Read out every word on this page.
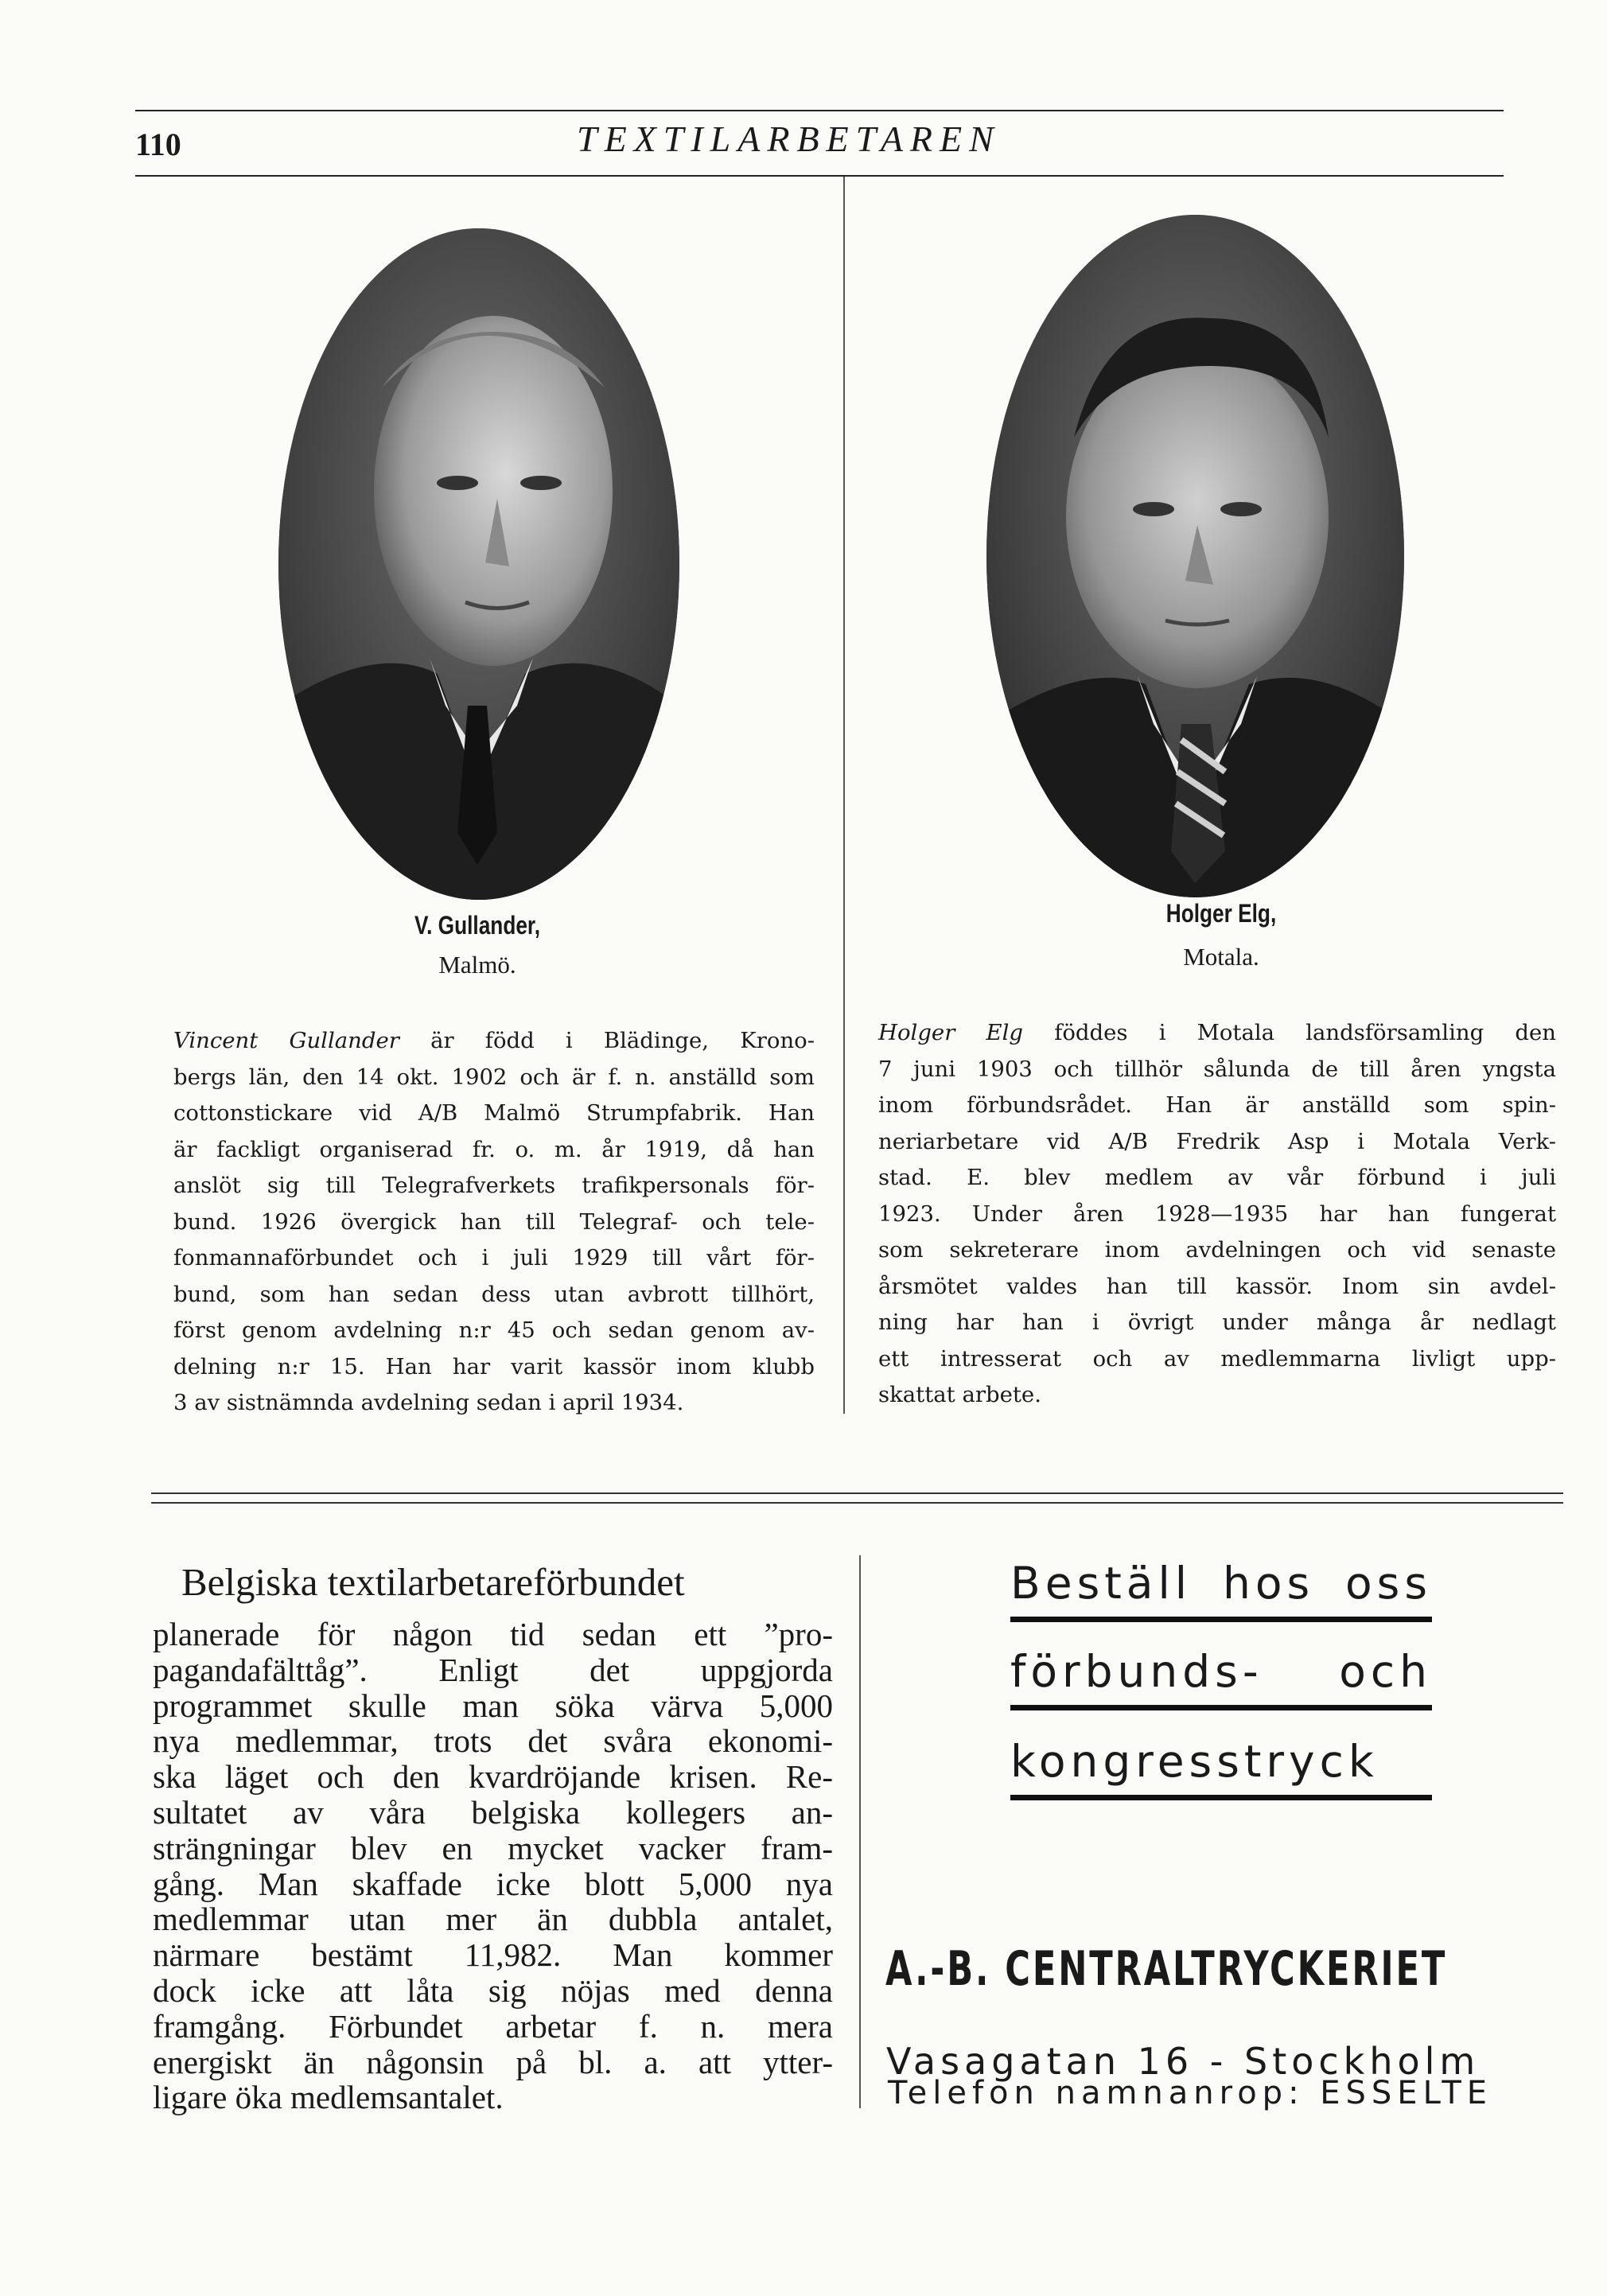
110	TEXTILARBETAREN
V. Gullander,
Malmö.
Vincent Gullander är född i Blädinge, Krono-
bergs län, den 14 okt. 1902 och är f. n. anställd som
cottonstickare vid A/B Malmö Strumpfabrik. Han
är fackligt organiserad fr. o. m. år 1919, då han
anslöt sig till Telegrafverkets trafikpersonals för-
bund. 1926 övergick han till Telegraf- och tele-
fonmannaförbundet och i juli 1929 till vårt för-
bund, som han sedan dess utan avbrott tillhört,
först genom avdelning n:r 45 och sedan genom av-
delning n:r 15. Han har varit kassör inom klubb
3 av sistnämnda avdelning sedan i april 1934.
Holger Elg,
Motala.
Holger Elg föddes i Motala landsförsamling den
7 juni 1903 och tillhör sålunda de till åren yngsta
inom förbundsrådet. Han är anställd som spin-
neriarbetare vid A/B Fredrik Asp i Motala Verk-
stad. E. blev medlem av vår förbund i juli
1923. Under åren 1928—1935 har han fungerat
som sekreterare inom avdelningen och vid senaste
årsmötet valdes han till kassör. Inom sin avdel-
ning har han i övrigt under många år nedlagt
ett intresserat och av medlemmarna livligt upp-
skattat arbete.
Belgiska textilarbetareförbundet
planerade för någon tid sedan ett ”pro-
pagandafälttåg”. Enligt det uppgjorda
programmet skulle man söka värva 5,000
nya medlemmar, trots det svåra ekonomi-
ska läget och den kvardröjande krisen. Re-
sultatet av våra belgiska kollegers an-
strängningar blev en mycket vacker fram-
gång. Man skaffade icke blott 5,000 nya
medlemmar utan mer än dubbla antalet,
närmare bestämt 11,982. Man kommer
dock icke att låta sig nöjas med denna
framgång. Förbundet arbetar f. n. mera
energiskt än någonsin på bl. a. att ytter-
ligare öka medlemsantalet.
Beställ hos oss
förbunds- och
kongresstryck
A.-B. CENTRALTRYCKERIET
Vasagatan 16 - Stockholm
Telefon namnanrop: ESSELTE
